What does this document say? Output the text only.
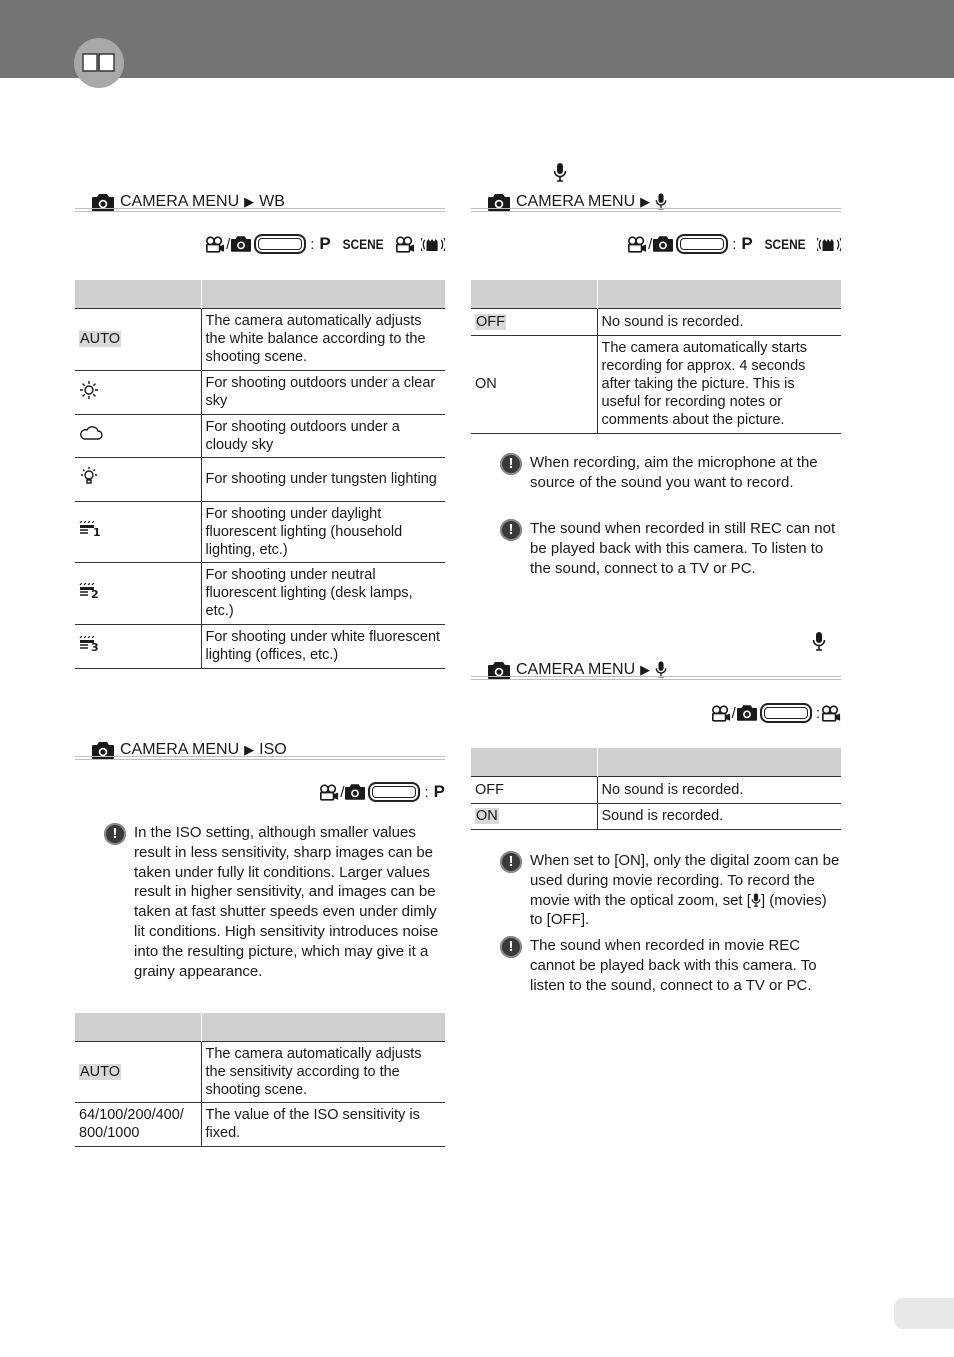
CAMERA MENU ▶ WB
/	: P SCENE

AUTO	The camera automatically adjusts the white balance according to the shooting scene.
	For shooting outdoors under a clear sky
	For shooting outdoors under a cloudy sky
	For shooting under tungsten lighting

1	For shooting under daylight fluorescent lighting (household lighting, etc.)

2	For shooting under neutral fluorescent lighting (desk lamps, etc.)

3	For shooting under white fluorescent lighting (offices, etc.)
CAMERA MENU ▶ ISO
/	: P
!	In the ISO setting, although smaller values result in less sensitivity, sharp images can be taken under fully lit conditions. Larger values result in higher sensitivity, and images can be taken at fast shutter speeds even under dimly lit conditions. High sensitivity introduces noise into the resulting picture, which may give it a grainy appearance.

AUTO	The camera automatically adjusts the sensitivity according to the shooting scene.
64/100/200/400/ 800/1000	The value of the ISO sensitivity is fixed.
CAMERA MENU ▶
/	: P SCENE

OFF	No sound is recorded.
ON	The camera automatically starts recording for approx. 4 seconds after taking the picture. This is useful for recording notes or comments about the picture.
!	When recording, aim the microphone at the source of the sound you want to record.

!	The sound when recorded in still REC can not be played back with this camera. To listen to the sound, connect to a TV or PC.

CAMERA MENU ▶
/	:

OFF	No sound is recorded.
ON	Sound is recorded.
!	When set to [ON], only the digital zoom can be used during movie recording. To record the movie with the optical zoom, set [ ] (movies) to [OFF].

!	The sound when recorded in movie REC cannot be played back with this camera. To listen to the sound, connect to a TV or PC.
